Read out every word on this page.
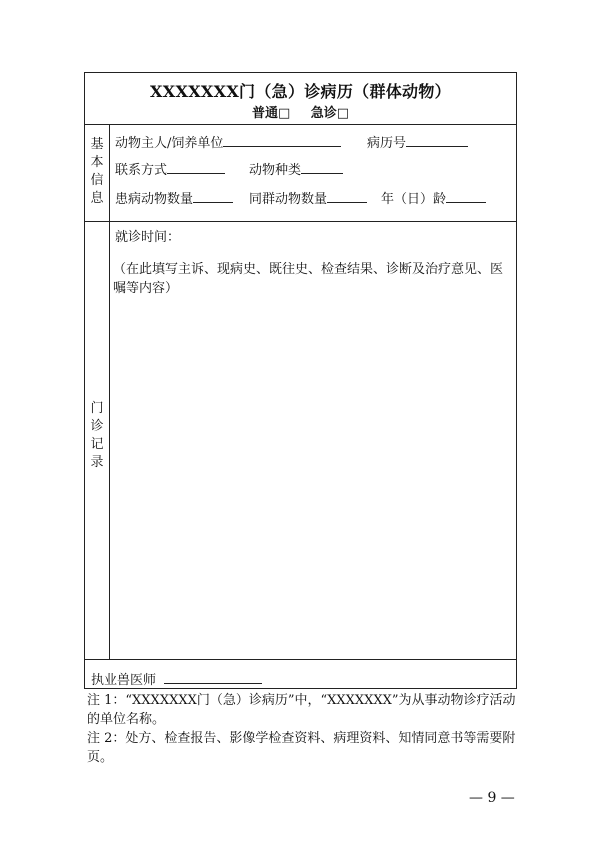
XXXXXXX门（急）诊病历（群体动物）
普通□ 急诊□
基
本
信
息
动物主人/饲养单位	病历号
联系方式	动物种类
患病动物数量	同群动物数量	年（日）龄
就诊时间：
（在此填写主诉、现病史、既往史、检查结果、诊断及治疗意见、医嘱等内容）
门
诊
记
录
执业兽医师
注 1：“XXXXXXX门（急）诊病历”中，“XXXXXXX”为从事动物诊疗活动的单位名称。
注 2：处方、检查报告、影像学检查资料、病理资料、知情同意书等需要附页。
— 9 —
